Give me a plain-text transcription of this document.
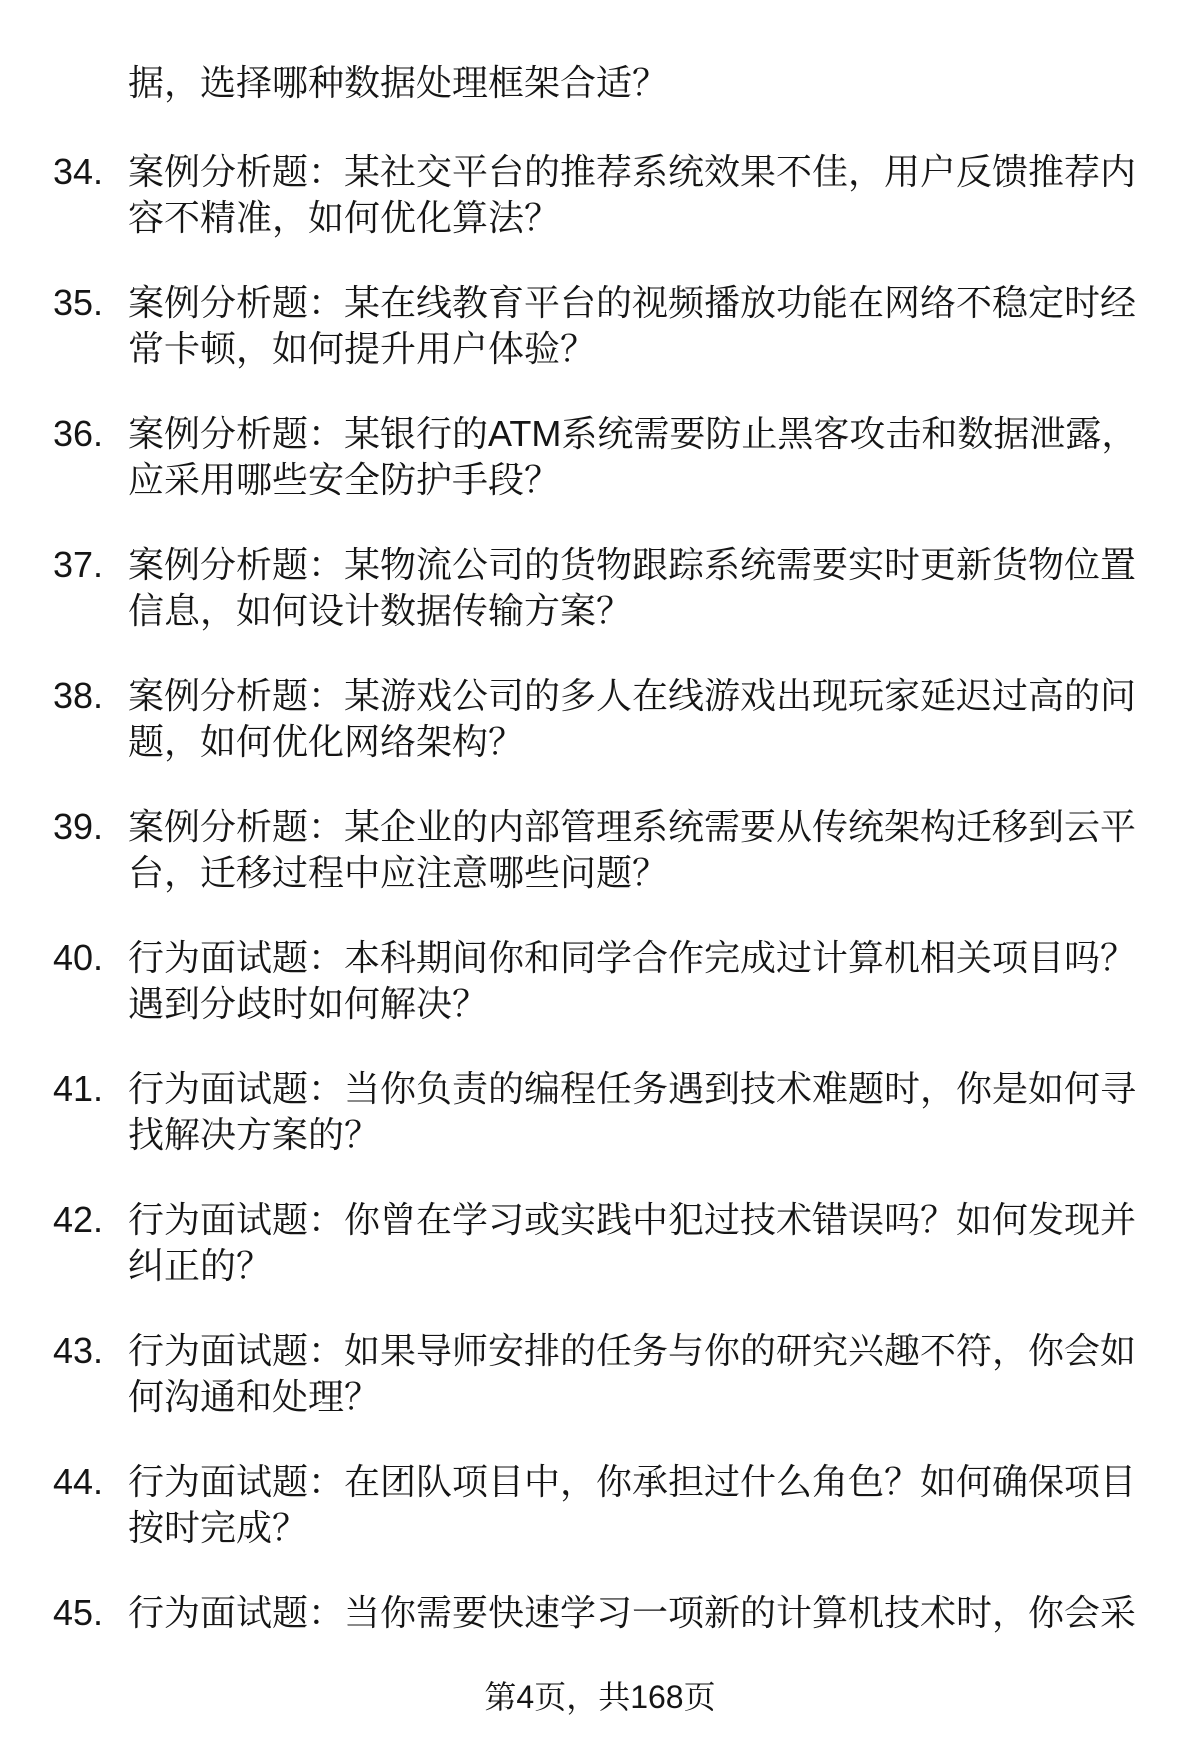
据，选择哪种数据处理框架合适？
34. 案例分析题：某社交平台的推荐系统效果不佳，用户反馈推荐内
容不精准，如何优化算法？
35. 案例分析题：某在线教育平台的视频播放功能在网络不稳定时经
常卡顿，如何提升用户体验？
36. 案例分析题：某银行的ATM系统需要防止黑客攻击和数据泄露，
应采用哪些安全防护手段？
37. 案例分析题：某物流公司的货物跟踪系统需要实时更新货物位置
信息，如何设计数据传输方案？
38. 案例分析题：某游戏公司的多人在线游戏出现玩家延迟过高的问
题，如何优化网络架构？
39. 案例分析题：某企业的内部管理系统需要从传统架构迁移到云平
台，迁移过程中应注意哪些问题？
40. 行为面试题：本科期间你和同学合作完成过计算机相关项目吗？
遇到分歧时如何解决？
41. 行为面试题：当你负责的编程任务遇到技术难题时，你是如何寻
找解决方案的？
42. 行为面试题：你曾在学习或实践中犯过技术错误吗？如何发现并
纠正的？
43. 行为面试题：如果导师安排的任务与你的研究兴趣不符，你会如
何沟通和处理？
44. 行为面试题：在团队项目中，你承担过什么角色？如何确保项目
按时完成？
45. 行为面试题：当你需要快速学习一项新的计算机技术时，你会采
第4页，共168页
